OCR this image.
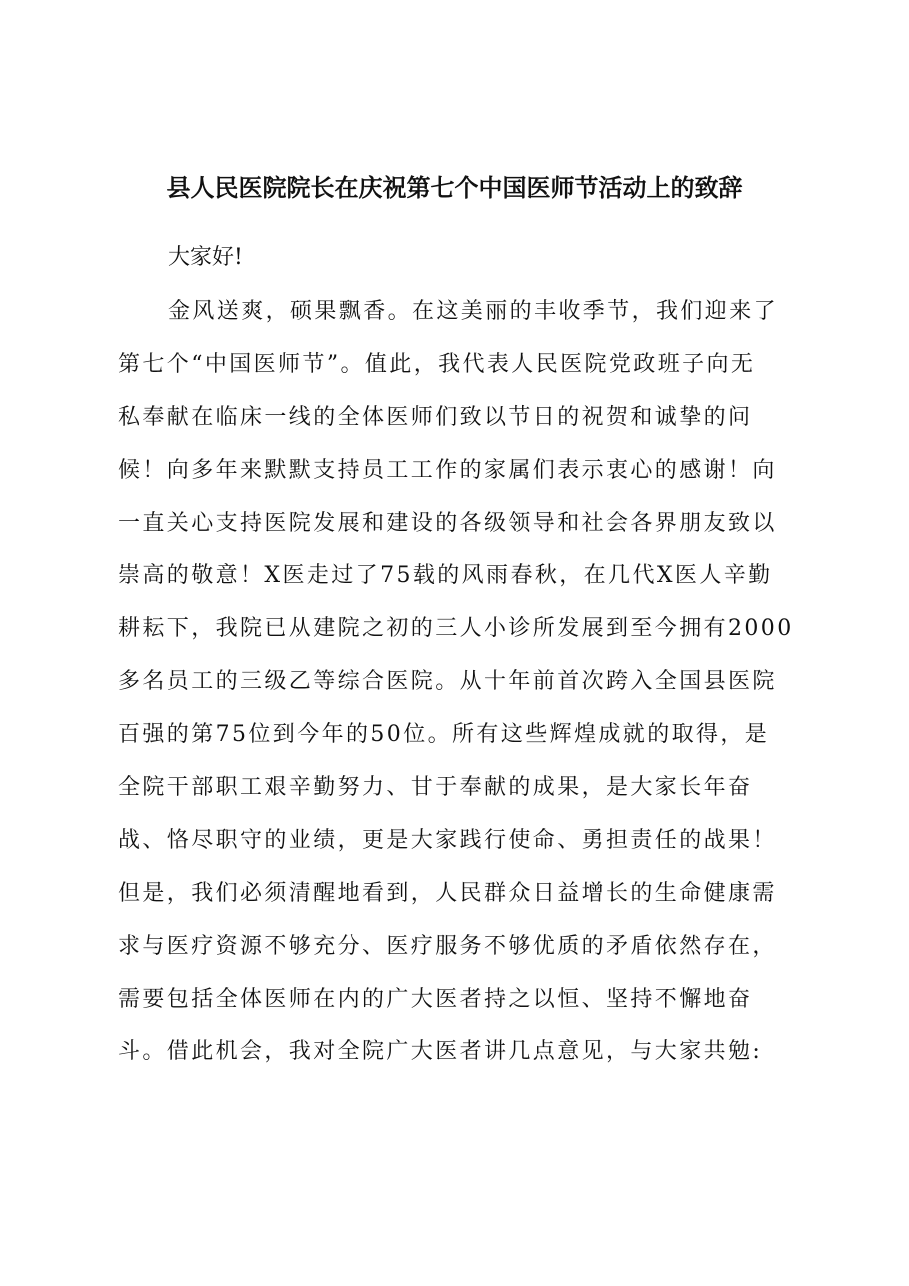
县人民医院院长在庆祝第七个中国医师节活动上的致辞

大家好!

金风送爽，硕果飘香。在这美丽的丰收季节，我们迎来了
第七个“中国医师节”。值此，我代表人民医院党政班子向无
私奉献在临床一线的全体医师们致以节日的祝贺和诚挚的问
候！向多年来默默支持员工工作的家属们表示衷心的感谢！向
一直关心支持医院发展和建设的各级领导和社会各界朋友致以
崇高的敬意！X医走过了75载的风雨春秋，在几代X医人辛勤
耕耘下，我院已从建院之初的三人小诊所发展到至今拥有2000
多名员工的三级乙等综合医院。从十年前首次跨入全国县医院
百强的第75位到今年的50位。所有这些辉煌成就的取得，是
全院干部职工艰辛勤努力、甘于奉献的成果，是大家长年奋
战、恪尽职守的业绩，更是大家践行使命、勇担责任的战果！
但是，我们必须清醒地看到，人民群众日益增长的生命健康需
求与医疗资源不够充分、医疗服务不够优质的矛盾依然存在，
需要包括全体医师在内的广大医者持之以恒、坚持不懈地奋
斗。借此机会，我对全院广大医者讲几点意见，与大家共勉:
